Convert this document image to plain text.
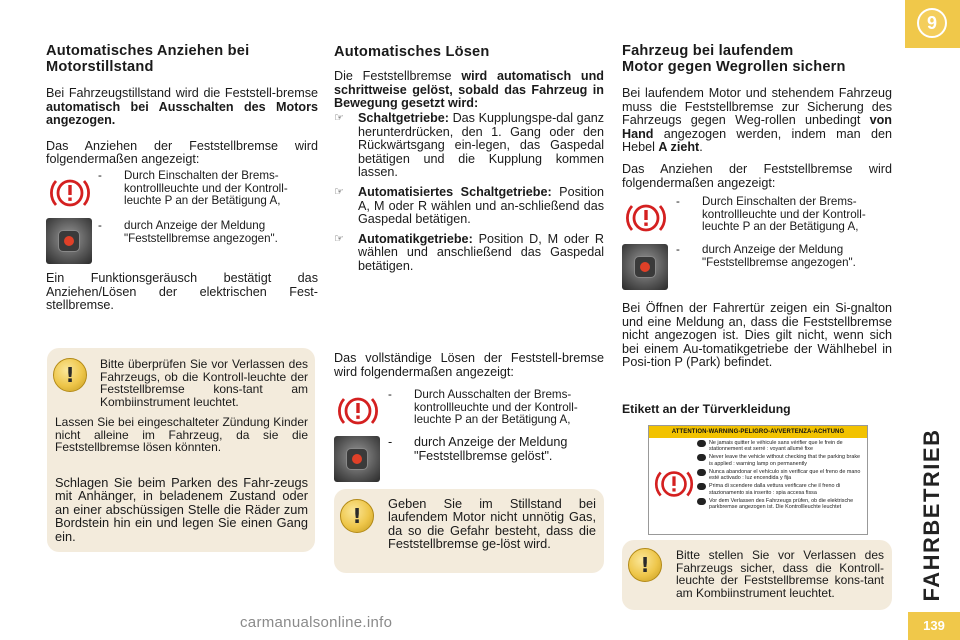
9
FAHRBETRIEB
139
Automatisches Anziehen bei Motorstillstand
Bei Fahrzeugstillstand wird die Feststell-bremse automatisch bei Ausschalten des Motors angezogen.
Das Anziehen der Feststellbremse wird folgendermaßen angezeigt:
- Durch Einschalten der Brems-kontrollleuchte und der Kontroll-leuchte P an der Betätigung A,
- durch Anzeige der Meldung "Feststellbremse angezogen".
Ein Funktionsgeräusch bestätigt das Anziehen/Lösen der elektrischen Fest-stellbremse.
!
Bitte überprüfen Sie vor Verlassen des Fahrzeugs, ob die Kontroll-leuchte der Feststellbremse kons-tant am Kombiinstrument leuchtet.
Lassen Sie bei eingeschalteter Zündung Kinder nicht alleine im Fahrzeug, da sie die Feststellbremse lösen könnten.
Schlagen Sie beim Parken des Fahr-zeugs mit Anhänger, in beladenem Zustand oder an einer abschüssigen Stelle die Räder zum Bordstein hin ein und legen Sie einen Gang ein.
Automatisches Lösen
Die Feststellbremse wird automatisch und schrittweise gelöst, sobald das Fahrzeug in Bewegung gesetzt wird:
☞ Schaltgetriebe: Das Kupplungspe-dal ganz herunterdrücken, den 1. Gang oder den Rückwärtsgang ein-legen, das Gaspedal betätigen und die Kupplung kommen lassen.
☞ Automatisiertes Schaltgetriebe: Position A, M oder R wählen und an-schließend das Gaspedal betätigen.
☞ Automatikgetriebe: Position D, M oder R wählen und anschließend das Gaspedal betätigen.
Das vollständige Lösen der Feststell-bremse wird folgendermaßen angezeigt:
- Durch Ausschalten der Brems-kontrollleuchte und der Kontroll-leuchte P an der Betätigung A,
- durch Anzeige der Meldung "Feststellbremse gelöst".
!
Geben Sie im Stillstand bei laufendem Motor nicht unnötig Gas, da so die Gefahr besteht, dass die Feststellbremse ge-löst wird.
Fahrzeug bei laufendem
Motor gegen Wegrollen sichern
Bei laufendem Motor und stehendem Fahrzeug muss die Feststellbremse zur Sicherung des Fahrzeugs gegen Weg-rollen unbedingt von Hand angezogen werden, indem man den Hebel A zieht.
Das Anziehen der Feststellbremse wird folgendermaßen angezeigt:
- Durch Einschalten der Brems-kontrollleuchte und der Kontroll-leuchte P an der Betätigung A,
- durch Anzeige der Meldung "Feststellbremse angezogen".
Bei Öffnen der Fahrertür zeigen ein Si-gnalton und eine Meldung an, dass die Feststellbremse nicht angezogen ist. Dies gilt nicht, wenn sich bei einem Au-tomatikgetriebe der Wählhebel in Posi-tion P (Park) befindet.
Etikett an der Türverkleidung
ATTENTION-WARNING-PELIGRO-AVVERTENZA-ACHTUNG
Ne jamais quitter le véhicule sans vérifier que le frein de stationnement est serré : voyant allumé fixe
Never leave the vehicle without checking that the parking brake is applied : warning lamp on permanently
Nunca abandonar el vehículo sin verificar que el freno de mano esté activado : luz encendida y fija
Prima di scendere dalla vettura verificare che il freno di stazionamento sia inserito : spia accesa fissa
Vor dem Verlassen des Fahrzeugs prüfen, ob die elektrische parkbremse angezogen ist. Die Kontrollleuchte leuchtet
!
Bitte stellen Sie vor Verlassen des Fahrzeugs sicher, dass die Kontroll-leuchte der Feststellbremse kons-tant am Kombiinstrument leuchtet.
carmanualsonline.info
